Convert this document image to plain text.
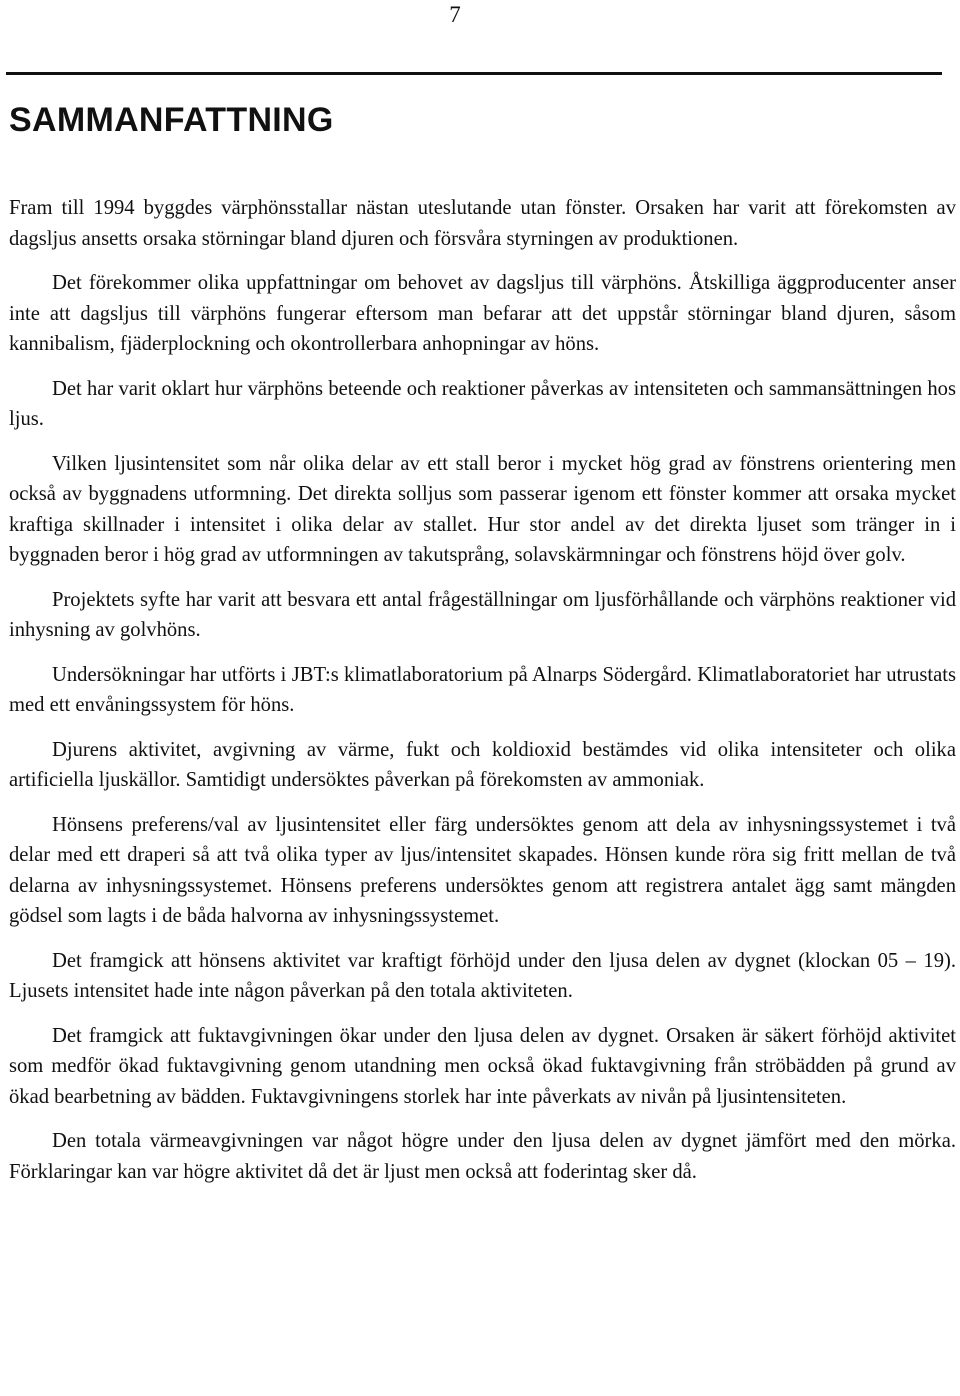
7
SAMMANFATTNING

Fram till 1994 byggdes värphönsstallar nästan uteslutande utan fönster. Orsaken har varit att förekomsten av dagsljus ansetts orsaka störningar bland djuren och försvåra styrningen av produktionen.

Det förekommer olika uppfattningar om behovet av dagsljus till värphöns. Åtskilliga äggproducenter anser inte att dagsljus till värphöns fungerar eftersom man befarar att det uppstår störningar bland djuren, såsom kannibalism, fjäderplockning och okontrollerbara anhopningar av höns.

Det har varit oklart hur värphöns beteende och reaktioner påverkas av intensiteten och sammansättningen hos ljus.

Vilken ljusintensitet som når olika delar av ett stall beror i mycket hög grad av fönstrens orientering men också av byggnadens utformning. Det direkta solljus som passerar igenom ett fönster kommer att orsaka mycket kraftiga skillnader i intensitet i olika delar av stallet. Hur stor andel av det direkta ljuset som tränger in i byggnaden beror i hög grad av utformningen av takutsprång, solavskärmningar och fönstrens höjd över golv.

Projektets syfte har varit att besvara ett antal frågeställningar om ljusförhållande och värphöns reaktioner vid inhysning av golvhöns.

Undersökningar har utförts i JBT:s klimatlaboratorium på Alnarps Södergård. Klimatlaboratoriet har utrustats med ett envåningssystem för höns.

Djurens aktivitet, avgivning av värme, fukt och koldioxid bestämdes vid olika intensiteter och olika artificiella ljuskällor. Samtidigt undersöktes påverkan på förekomsten av ammoniak.

Hönsens preferens/val av ljusintensitet eller färg undersöktes genom att dela av inhysningssystemet i två delar med ett draperi så att två olika typer av ljus/intensitet skapades. Hönsen kunde röra sig fritt mellan de två delarna av inhysningssystemet. Hönsens preferens undersöktes genom att registrera antalet ägg samt mängden gödsel som lagts i de båda halvorna av inhysningssystemet.

Det framgick att hönsens aktivitet var kraftigt förhöjd under den ljusa delen av dygnet (klockan 05 – 19). Ljusets intensitet hade inte någon påverkan på den totala aktiviteten.

Det framgick att fuktavgivningen ökar under den ljusa delen av dygnet. Orsaken är säkert förhöjd aktivitet som medför ökad fuktavgivning genom utandning men också ökad fuktavgivning från ströbädden på grund av ökad bearbetning av bädden. Fuktavgivningens storlek har inte påverkats av nivån på ljusintensiteten.

Den totala värmeavgivningen var något högre under den ljusa delen av dygnet jämfört med den mörka. Förklaringar kan var högre aktivitet då det är ljust men också att foderintag sker då.
